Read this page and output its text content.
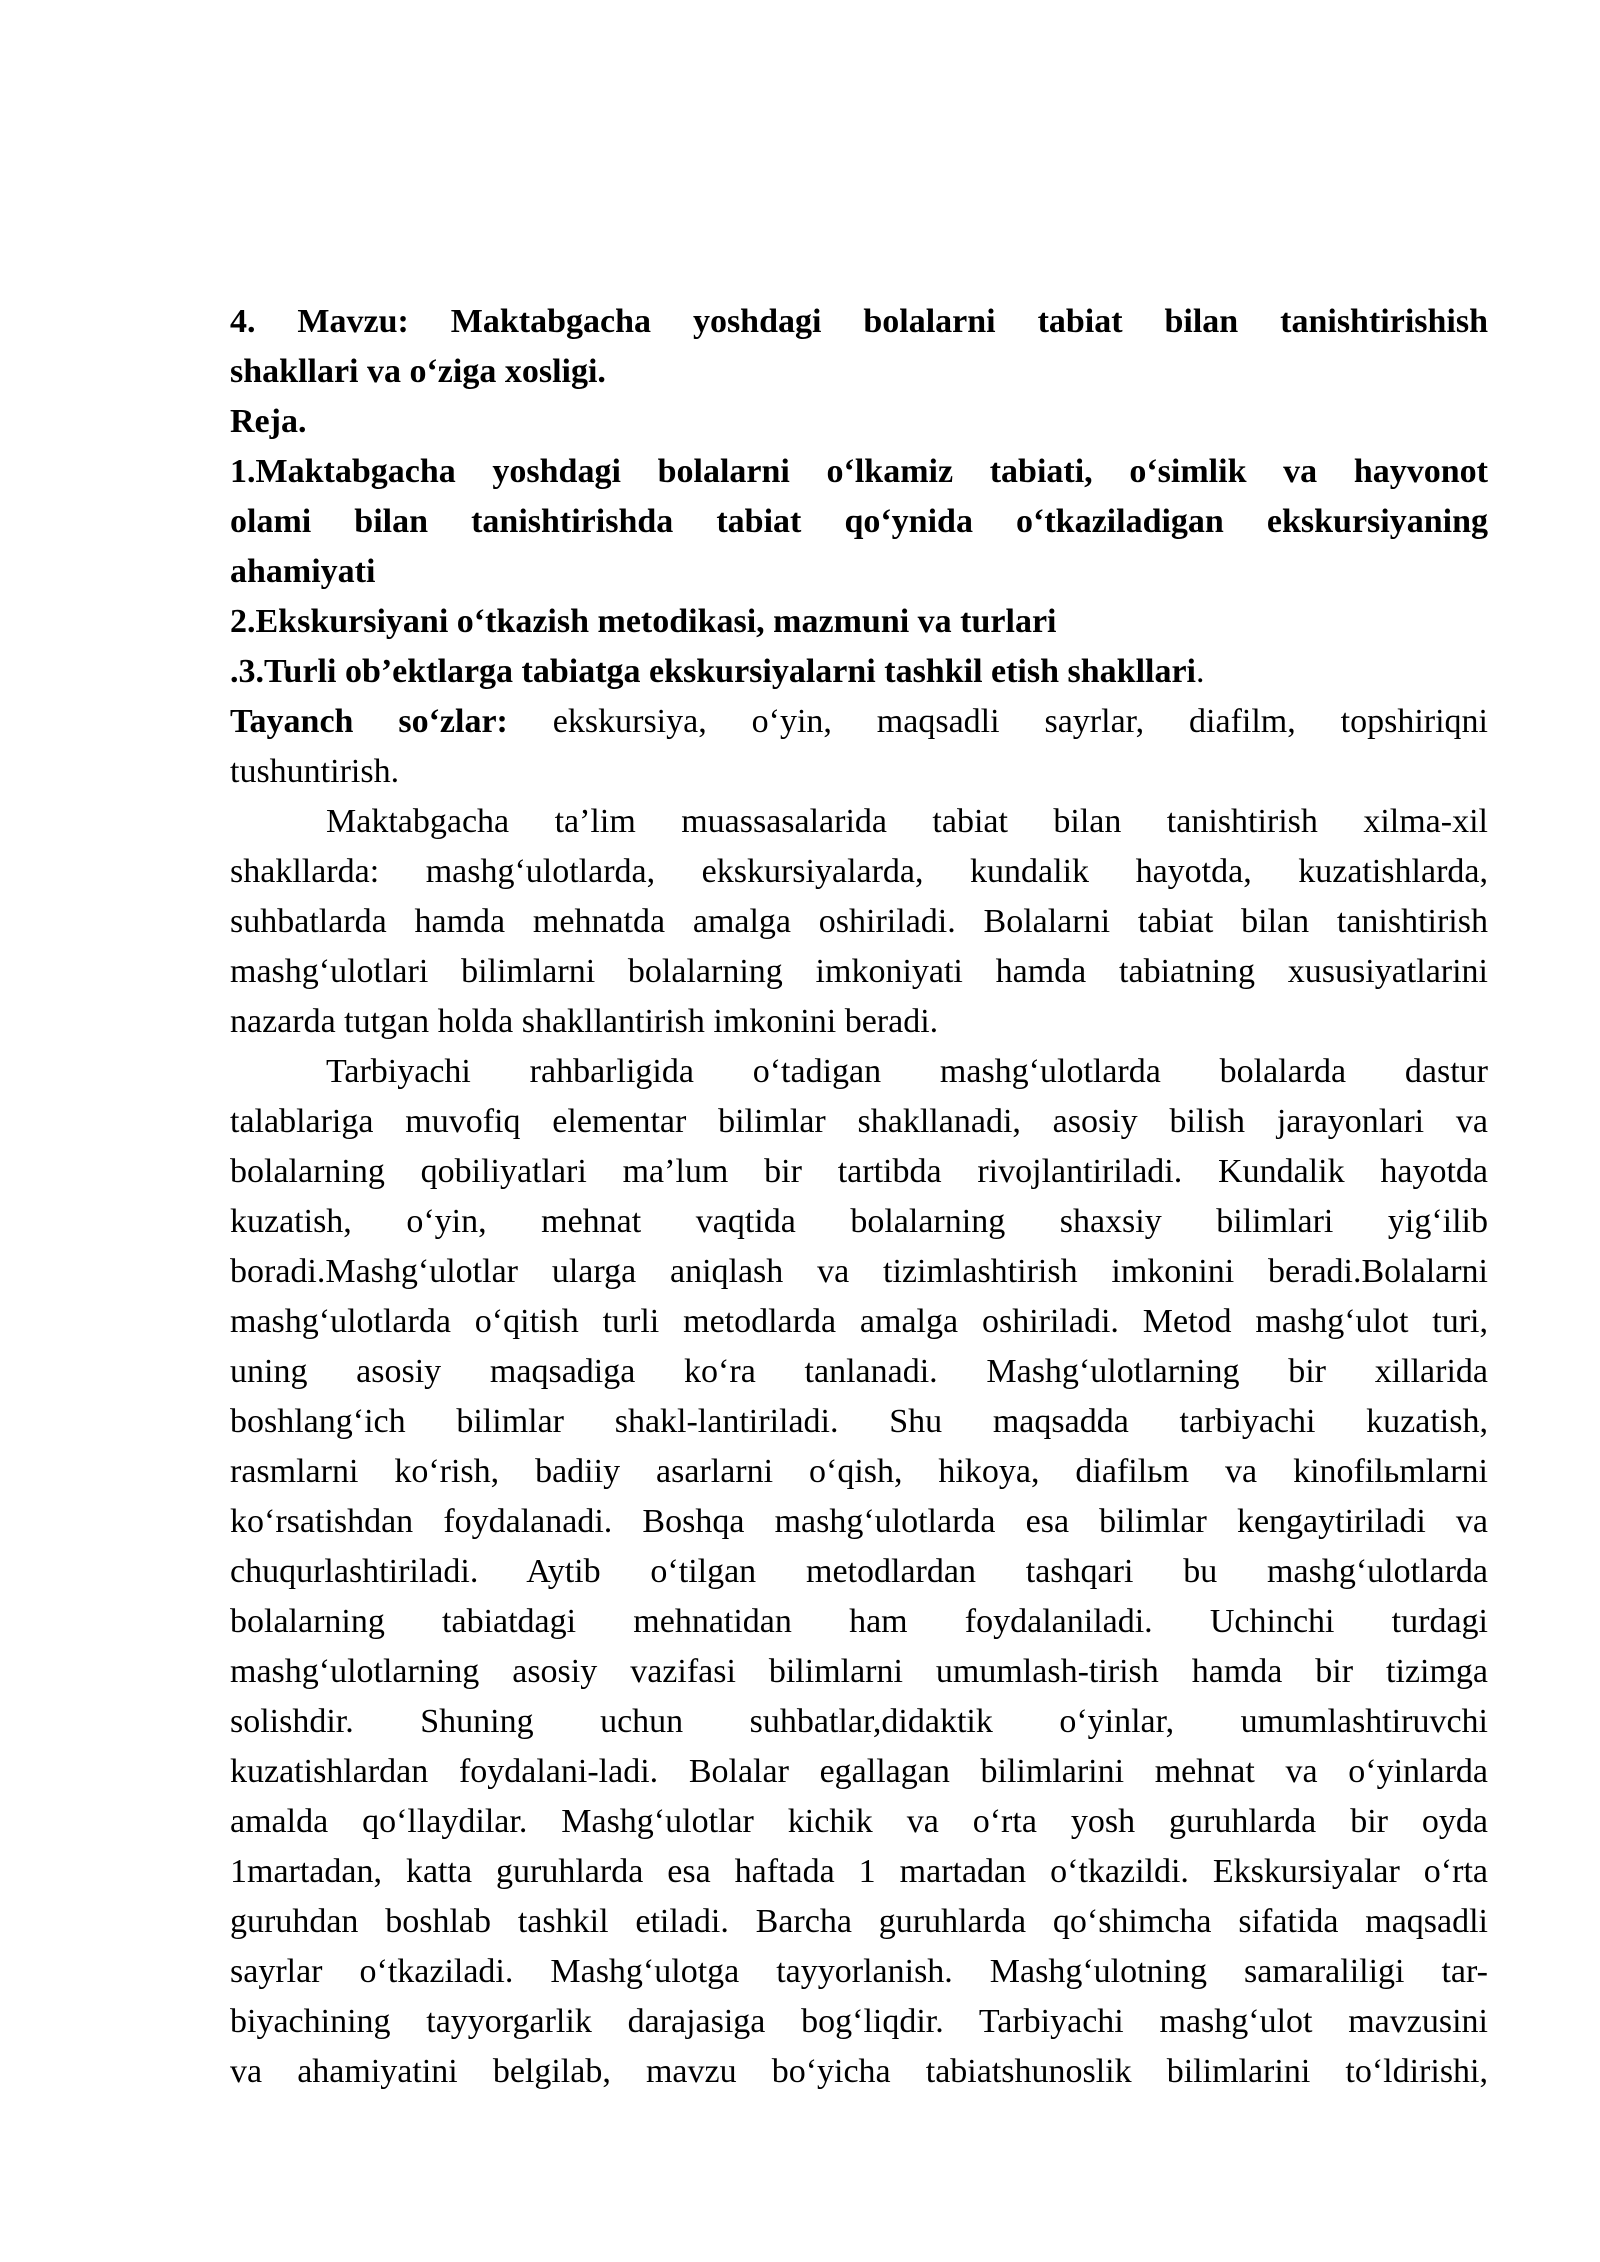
4. Mavzu: Maktabgacha yoshdagi bolalarni tabiat bilan tanishtirishish
shakllari va o‘ziga xosligi.
Reja.
1.Maktabgacha yoshdagi bolalarni o‘lkamiz tabiati, o‘simlik va hayvonot
olami bilan tanishtirishda tabiat qo‘ynida o‘tkaziladigan ekskursiyaning
ahamiyati
2.Ekskursiyani o‘tkazish metodikasi, mazmuni va turlari
.3.Turli ob’ektlarga tabiatga ekskursiyalarni tashkil etish shakllari.
Tayanch so‘zlar: ekskursiya, o‘yin, maqsadli sayrlar, diafilm, topshiriqni
tushuntirish.
Maktabgacha ta’lim muassasalarida tabiat bilan tanishtirish xilma-xil
shakllarda: mashg‘ulotlarda, ekskursiyalarda, kundalik hayotda, kuzatishlarda,
suhbatlarda hamda mehnatda amalga oshiriladi. Bolalarni tabiat bilan tanishtirish
mashg‘ulotlari bilimlarni bolalarning imkoniyati hamda tabiatning xususiyatlarini
nazarda tutgan holda shakllantirish imkonini beradi.
Tarbiyachi rahbarligida o‘tadigan mashg‘ulotlarda bolalarda dastur
talablariga muvofiq elementar bilimlar shakllanadi, asosiy bilish jarayonlari va
bolalarning qobiliyatlari ma’lum bir tartibda rivojlantiriladi. Kundalik hayotda
kuzatish, o‘yin, mehnat vaqtida bolalarning shaxsiy bilimlari yig‘ilib
boradi.Mashg‘ulotlar ularga aniqlash va tizimlashtirish imkonini beradi.Bolalarni
mashg‘ulotlarda o‘qitish turli metodlarda amalga oshiriladi. Metod mashg‘ulot turi,
uning asosiy maqsadiga ko‘ra tanlanadi. Mashg‘ulotlarning bir xillarida
boshlang‘ich bilimlar shakl-lantiriladi. Shu maqsadda tarbiyachi kuzatish,
rasmlarni ko‘rish, badiiy asarlarni o‘qish, hikoya, diafilьm va kinofilьmlarni
ko‘rsatishdan foydalanadi. Boshqa mashg‘ulotlarda esa bilimlar kengaytiriladi va
chuqurlashtiriladi. Aytib o‘tilgan metodlardan tashqari bu mashg‘ulotlarda
bolalarning tabiatdagi mehnatidan ham foydalaniladi. Uchinchi turdagi
mashg‘ulotlarning asosiy vazifasi bilimlarni umumlash-tirish hamda bir tizimga
solishdir. Shuning uchun suhbatlar,didaktik o‘yinlar, umumlashtiruvchi
kuzatishlardan foydalani-ladi. Bolalar egallagan bilimlarini mehnat va o‘yinlarda
amalda qo‘llaydilar. Mashg‘ulotlar kichik va o‘rta yosh guruhlarda bir oyda
1martadan, katta guruhlarda esa haftada 1 martadan o‘tkazildi. Ekskursiyalar o‘rta
guruhdan boshlab tashkil etiladi. Barcha guruhlarda qo‘shimcha sifatida maqsadli
sayrlar o‘tkaziladi. Mashg‘ulotga tayyorlanish. Mashg‘ulotning samaraliligi tar-
biyachining tayyorgarlik darajasiga bog‘liqdir. Tarbiyachi mashg‘ulot mavzusini
va ahamiyatini belgilab, mavzu bo‘yicha tabiatshunoslik bilimlarini to‘ldirishi,
